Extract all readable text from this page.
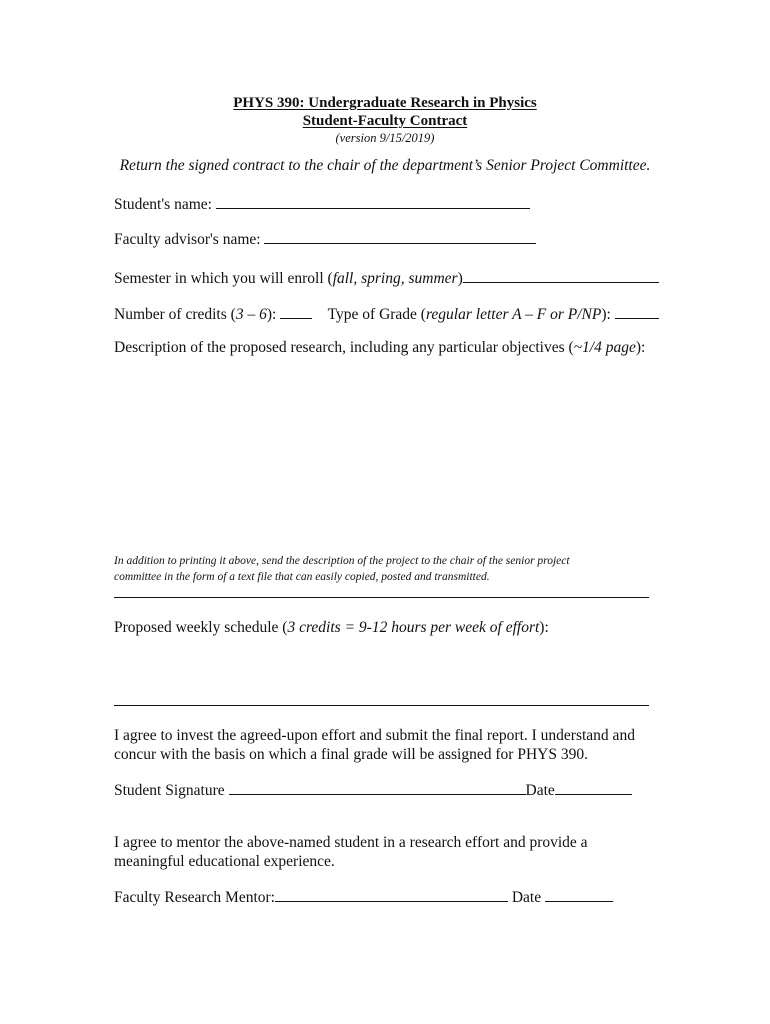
PHYS 390: Undergraduate Research in Physics
Student-Faculty Contract
(version 9/15/2019)
Return the signed contract to the chair of the department’s Senior Project Committee.
Student's name:
Faculty advisor's name:
Semester in which you will enroll (fall, spring, summer)
Number of credits (3 – 6):	Type of Grade (regular letter A – F or P/NP):
Description of the proposed research, including any particular objectives (~1/4 page):
In addition to printing it above, send the description of the project to the chair of the senior project
committee in the form of a text file that can easily copied, posted and transmitted.
Proposed weekly schedule (3 credits = 9-12 hours per week of effort):
I agree to invest the agreed-upon effort and submit the final report. I understand and concur with the basis on which a final grade will be assigned for PHYS 390.
Student Signature	Date
I agree to mentor the above-named student in a research effort and provide a meaningful educational experience.
Faculty Research Mentor:	Date
